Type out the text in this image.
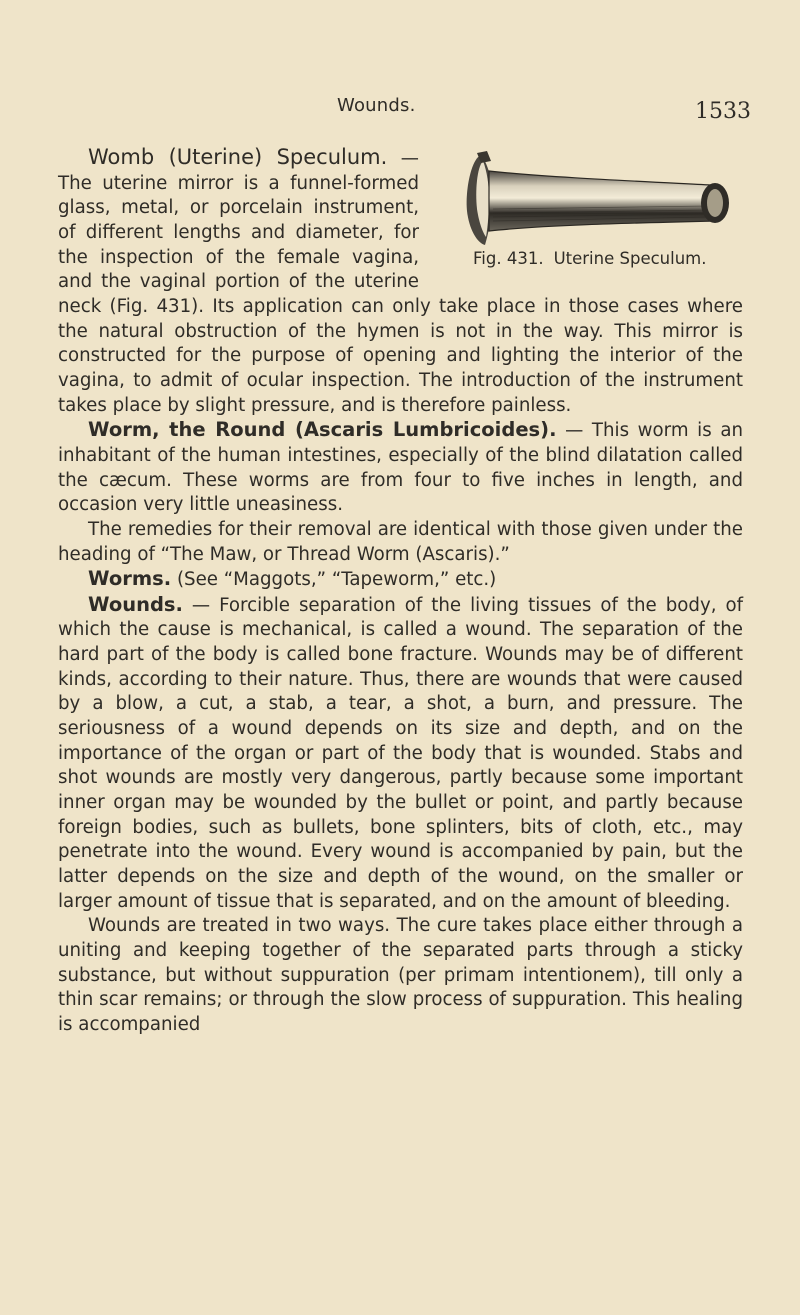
Wounds.	1533

Fig. 431. Uterine Speculum.
Womb (Uterine) Speculum. — The uterine mirror is a funnel-formed glass, metal, or porcelain instrument, of different lengths and diameter, for the inspection of the female vagina, and the vaginal portion of the uterine neck (Fig. 431). Its application can only take place in those cases where the natural obstruction of the hymen is not in the way. This mirror is constructed for the purpose of opening and lighting the interior of the vagina, to admit of ocular inspection. The introduction of the instrument takes place by slight pressure, and is therefore painless.

Worm, the Round (Ascaris Lumbricoides). — This worm is an inhabitant of the human intestines, especially of the blind dilatation called the cæcum. These worms are from four to five inches in length, and occasion very little uneasiness.

The remedies for their removal are identical with those given under the heading of “The Maw, or Thread Worm (Ascaris).”

Worms. (See “Maggots,” “Tapeworm,” etc.)

Wounds. — Forcible separation of the living tissues of the body, of which the cause is mechanical, is called a wound. The separation of the hard part of the body is called bone fracture. Wounds may be of different kinds, according to their nature. Thus, there are wounds that were caused by a blow, a cut, a stab, a tear, a shot, a burn, and pressure. The seriousness of a wound depends on its size and depth, and on the importance of the organ or part of the body that is wounded. Stabs and shot wounds are mostly very dangerous, partly because some important inner organ may be wounded by the bullet or point, and partly because foreign bodies, such as bullets, bone splinters, bits of cloth, etc., may penetrate into the wound. Every wound is accompanied by pain, but the latter depends on the size and depth of the wound, on the smaller or larger amount of tissue that is separated, and on the amount of bleeding.

Wounds are treated in two ways. The cure takes place either through a uniting and keeping together of the separated parts through a sticky substance, but without suppuration (per primam intentionem), till only a thin scar remains; or through the slow process of suppuration. This healing is accompanied
